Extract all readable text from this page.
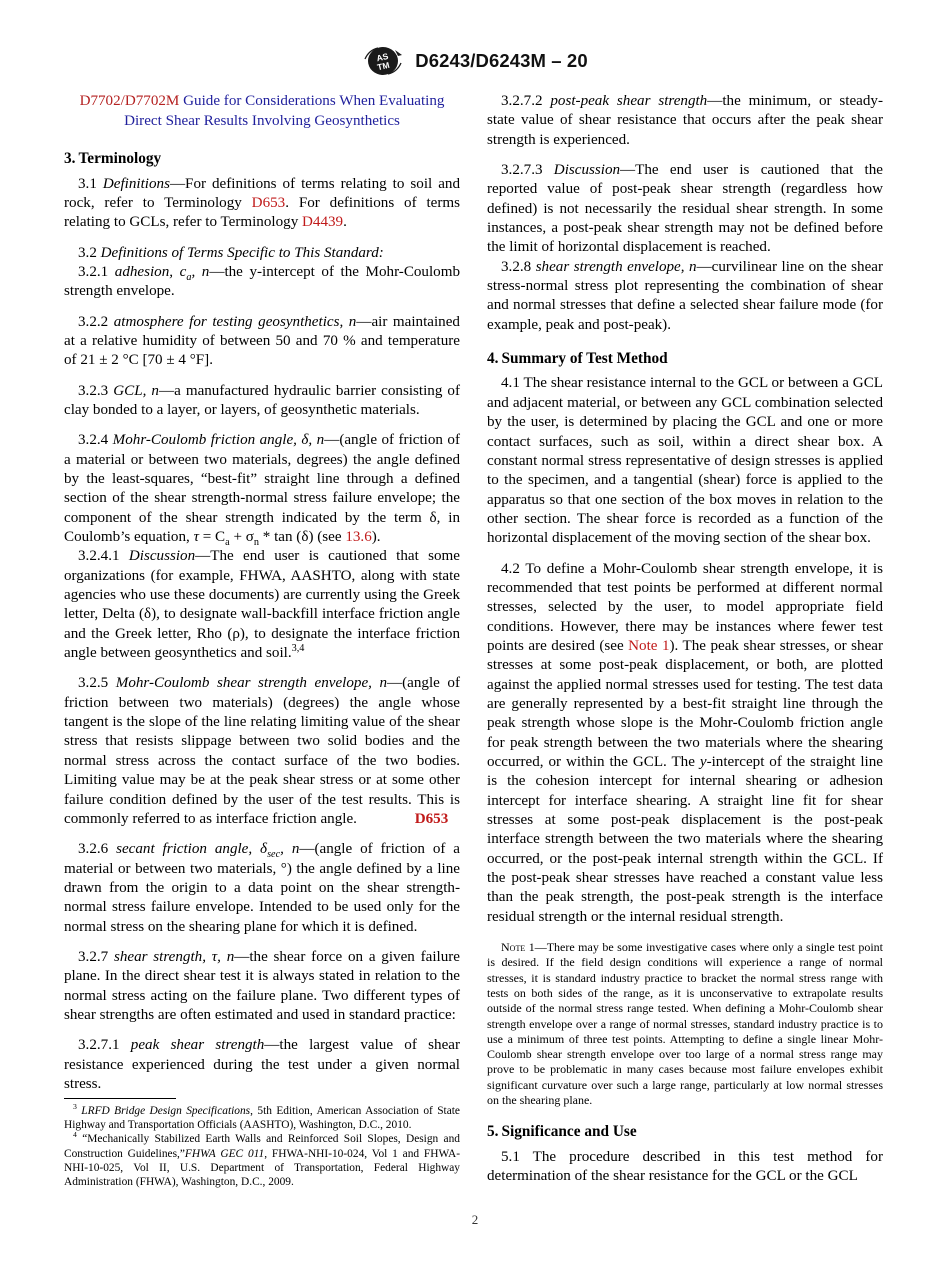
AS
TM D6243/D6243M – 20

D7702/D7702M Guide for Considerations When Evaluating Direct Shear Results Involving Geosynthetics

3. Terminology

3.1 Definitions—For definitions of terms relating to soil and rock, refer to Terminology D653. For definitions of terms relating to GCLs, refer to Terminology D4439.

3.2 Definitions of Terms Specific to This Standard:

3.2.1 adhesion, $c_a$, n—the y-intercept of the Mohr-Coulomb strength envelope.

3.2.2 atmosphere for testing geosynthetics, n—air maintained at a relative humidity of between 50 and 70 % and temperature of 21 ± 2 °C [70 ± 4 °F].

3.2.3 GCL, n—a manufactured hydraulic barrier consisting of clay bonded to a layer, or layers, of geosynthetic materials.

3.2.4 Mohr-Coulomb friction angle, δ, n—(angle of friction of a material or between two materials, degrees) the angle defined by the least-squares, “best-fit” straight line through a defined section of the shear strength-normal stress failure envelope; the component of the shear strength indicated by the term δ, in Coulomb’s equation, $\tau = C_a + \sigma_n * \tan (\delta)$ (see 13.6).

3.2.4.1 Discussion—The end user is cautioned that some organizations (for example, FHWA, AASHTO, along with state agencies who use these documents) are currently using the Greek letter, Delta (δ), to designate wall-backfill interface friction angle and the Greek letter, Rho (ρ), to designate the interface friction angle between geosynthetics and soil.$^{3,4}$

3.2.5 Mohr-Coulomb shear strength envelope, n—(angle of friction between two materials) (degrees) the angle whose tangent is the slope of the line relating limiting value of the shear stress that resists slippage between two solid bodies and the normal stress across the contact surface of the two bodies. Limiting value may be at the peak shear stress or at some other failure condition defined by the user of the test results. This is commonly referred to as interface friction angle.	D653

3.2.6 secant friction angle, $\delta_{sec}$, n—(angle of friction of a material or between two materials, °) the angle defined by a line drawn from the origin to a data point on the shear strength-normal stress failure envelope. Intended to be used only for the normal stress on the shearing plane for which it is defined.

3.2.7 shear strength, τ, n—the shear force on a given failure plane. In the direct shear test it is always stated in relation to the normal stress acting on the failure plane. Two different types of shear strengths are often estimated and used in standard practice:

3.2.7.1 peak shear strength—the largest value of shear resistance experienced during the test under a given normal stress.

3.2.7.2 post-peak shear strength—the minimum, or steady-state value of shear resistance that occurs after the peak shear strength is experienced.

3.2.7.3 Discussion—The end user is cautioned that the reported value of post-peak shear strength (regardless how defined) is not necessarily the residual shear strength. In some instances, a post-peak shear strength may not be defined before the limit of horizontal displacement is reached.

3.2.8 shear strength envelope, n—curvilinear line on the shear stress-normal stress plot representing the combination of shear and normal stresses that define a selected shear failure mode (for example, peak and post-peak).

4. Summary of Test Method

4.1 The shear resistance internal to the GCL or between a GCL and adjacent material, or between any GCL combination selected by the user, is determined by placing the GCL and one or more contact surfaces, such as soil, within a direct shear box. A constant normal stress representative of design stresses is applied to the specimen, and a tangential (shear) force is applied to the apparatus so that one section of the box moves in relation to the other section. The shear force is recorded as a function of the horizontal displacement of the moving section of the shear box.

4.2 To define a Mohr-Coulomb shear strength envelope, it is recommended that test points be performed at different normal stresses, selected by the user, to model appropriate field conditions. However, there may be instances where fewer test points are desired (see Note 1). The peak shear stresses, or shear stresses at some post-peak displacement, or both, are plotted against the applied normal stresses used for testing. The test data are generally represented by a best-fit straight line through the peak strength whose slope is the Mohr-Coulomb friction angle for peak strength between the two materials where the shearing occurred, or within the GCL. The y-intercept of the straight line is the cohesion intercept for internal shearing or adhesion intercept for interface shearing. A straight line fit for shear stresses at some post-peak displacement is the post-peak interface strength between the two materials where the shearing occurred, or the post-peak internal strength within the GCL. If the post-peak shear stresses have reached a constant value less than the peak strength, the post-peak strength is the interface residual strength or the internal residual strength.

Note 1—There may be some investigative cases where only a single test point is desired. If the field design conditions will experience a range of normal stresses, it is standard industry practice to bracket the normal stress range with tests on both sides of the range, as it is unconservative to extrapolate results outside of the normal stress range tested. When defining a Mohr-Coulomb shear strength envelope over a range of normal stresses, standard industry practice is to use a minimum of three test points. Attempting to define a single linear Mohr-Coulomb shear strength envelope over too large of a normal stress range may prove to be problematic in many cases because most failure envelopes exhibit significant curvature over such a large range, particularly at low normal stresses on the shearing plane.

5. Significance and Use

5.1 The procedure described in this test method for determination of the shear resistance for the GCL or the GCL

$^3$ LRFD Bridge Design Specifications, 5th Edition, American Association of State Highway and Transportation Officials (AASHTO), Washington, D.C., 2010.

$^4$ “Mechanically Stabilized Earth Walls and Reinforced Soil Slopes, Design and Construction Guidelines,”FHWA GEC 011, FHWA-NHI-10-024, Vol 1 and FHWA-NHI-10-025, Vol II, U.S. Department of Transportation, Federal Highway Administration (FHWA), Washington, D.C., 2009.

2
